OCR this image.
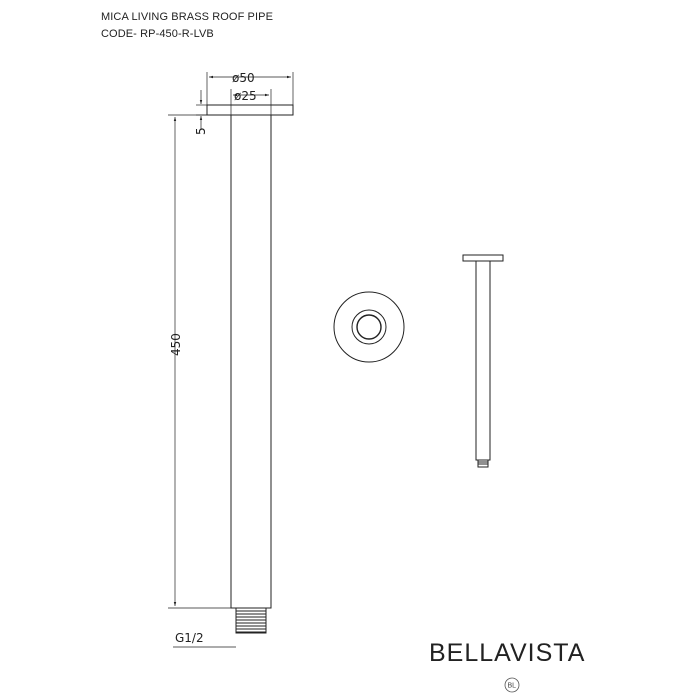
MICA LIVING BRASS ROOF PIPE
CODE- RP-450-R-LVB
ø50
ø25
5
450
G1/2
BELLAVISTA
BL
